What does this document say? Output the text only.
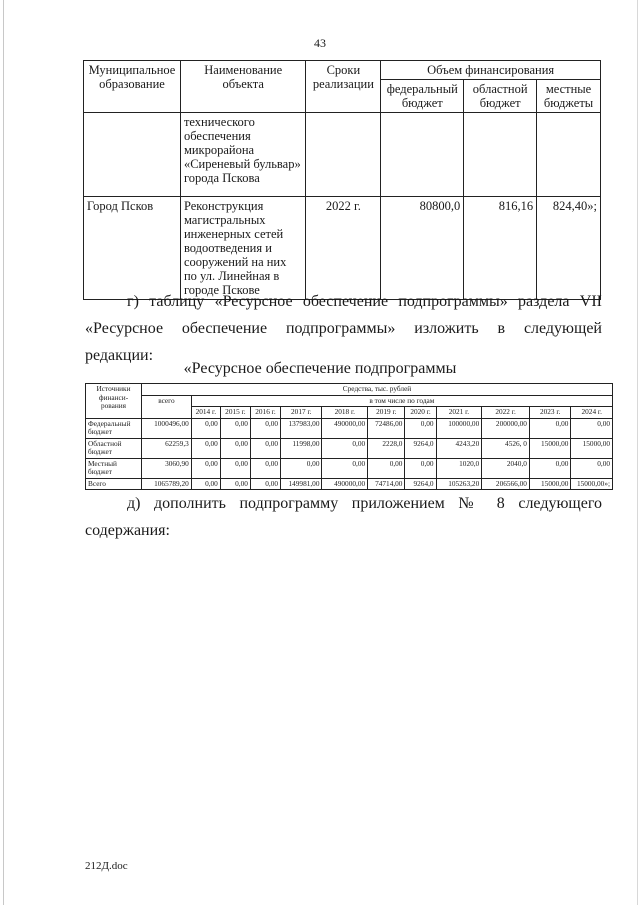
43
Муниципальное образование	Наименование объекта	Сроки реализации	Объем финансирования		
			федеральный бюджет	областной бюджет	местные бюджеты
	технического обеспечения микрорайона «Сиреневый бульвар» города Пскова				
Город Псков	Реконструкция магистральных инженерных сетей водоотведения и сооружений на них по ул. Линейная в городе Пскове	2022 г.	80800,0	816,16	824,40»;
г) таблицу «Ресурсное обеспечение подпрограммы» раздела VII
«Ресурсное обеспечение подпрограммы» изложить в следующей
редакции:
«Ресурсное обеспечение подпрограммы
Источники финанси-рования	Средства, тыс. рублей											
	всего	в том числе по годам										
		2014 г.	2015 г.	2016 г.	2017 г.	2018 г.	2019 г.	2020 г.	2021 г.	2022 г.	2023 г.	2024 г.
Федеральный бюджет	1000496,00	0,00	0,00	0,00	137983,00	490000,00	72486,00	0,00	100000,00	200000,00	0,00	0,00
Областной бюджет	62259,3	0,00	0,00	0,00	11998,00	0,00	2228,0	9264,0	4243,20	4526, 0	15000,00	15000,00
Местный бюджет	3060,90	0,00	0,00	0,00	0,00	0,00	0,00	0,00	1020,0	2040,0	0,00	0,00
Всего	1065789,20	0,00	0,00	0,00	149981,00	490000,00	74714,00	9264,0	105263,20	206566,00	15000,00	15000,00»;
д) дополнить подпрограмму приложением № 8 следующего
содержания:
212Д.doc
